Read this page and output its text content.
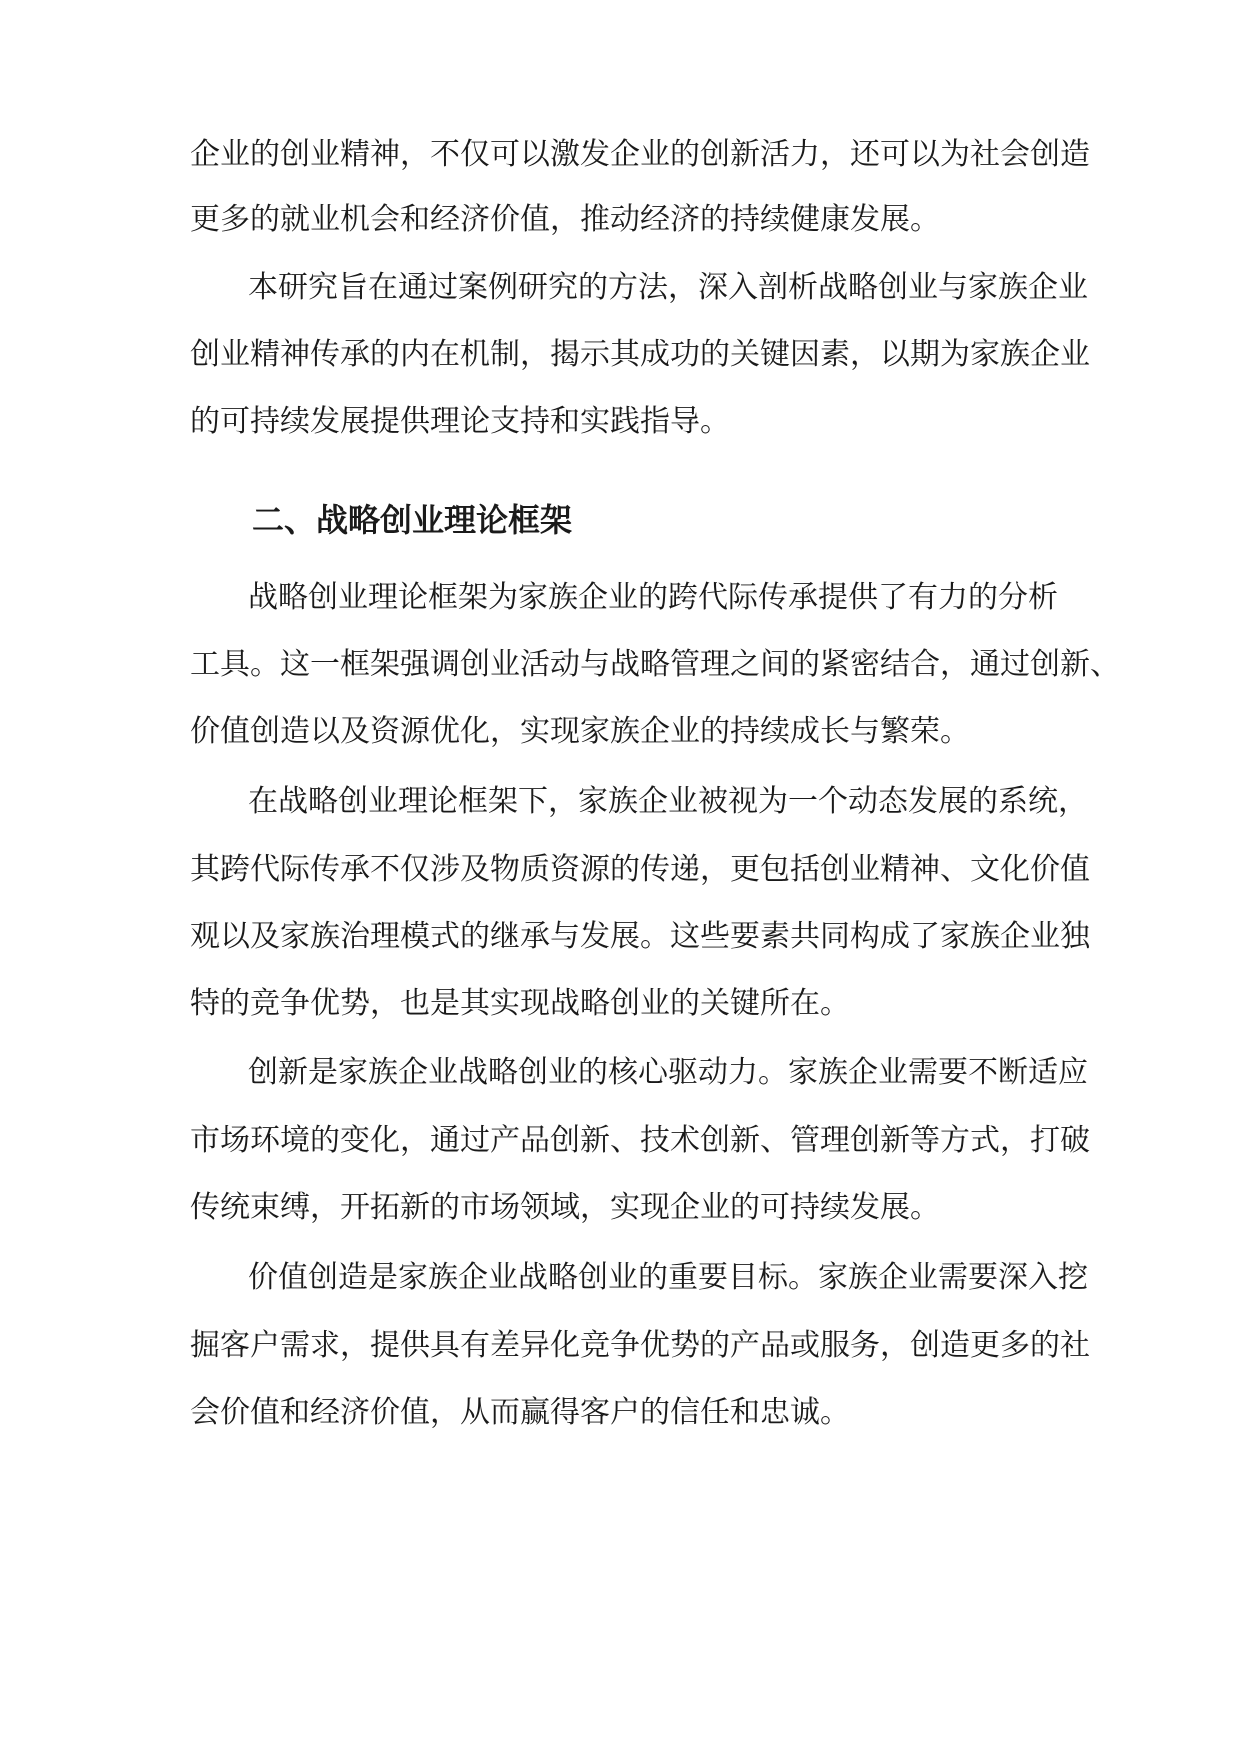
企业的创业精神，不仅可以激发企业的创新活力，还可以为社会创造
更多的就业机会和经济价值，推动经济的持续健康发展。
本研究旨在通过案例研究的方法，深入剖析战略创业与家族企业
创业精神传承的内在机制，揭示其成功的关键因素，以期为家族企业
的可持续发展提供理论支持和实践指导。
二、战略创业理论框架
战略创业理论框架为家族企业的跨代际传承提供了有力的分析
工具。这一框架强调创业活动与战略管理之间的紧密结合，通过创新、
价值创造以及资源优化，实现家族企业的持续成长与繁荣。
在战略创业理论框架下，家族企业被视为一个动态发展的系统，
其跨代际传承不仅涉及物质资源的传递，更包括创业精神、文化价值
观以及家族治理模式的继承与发展。这些要素共同构成了家族企业独
特的竞争优势，也是其实现战略创业的关键所在。
创新是家族企业战略创业的核心驱动力。家族企业需要不断适应
市场环境的变化，通过产品创新、技术创新、管理创新等方式，打破
传统束缚，开拓新的市场领域，实现企业的可持续发展。
价值创造是家族企业战略创业的重要目标。家族企业需要深入挖
掘客户需求，提供具有差异化竞争优势的产品或服务，创造更多的社
会价值和经济价值，从而赢得客户的信任和忠诚。
